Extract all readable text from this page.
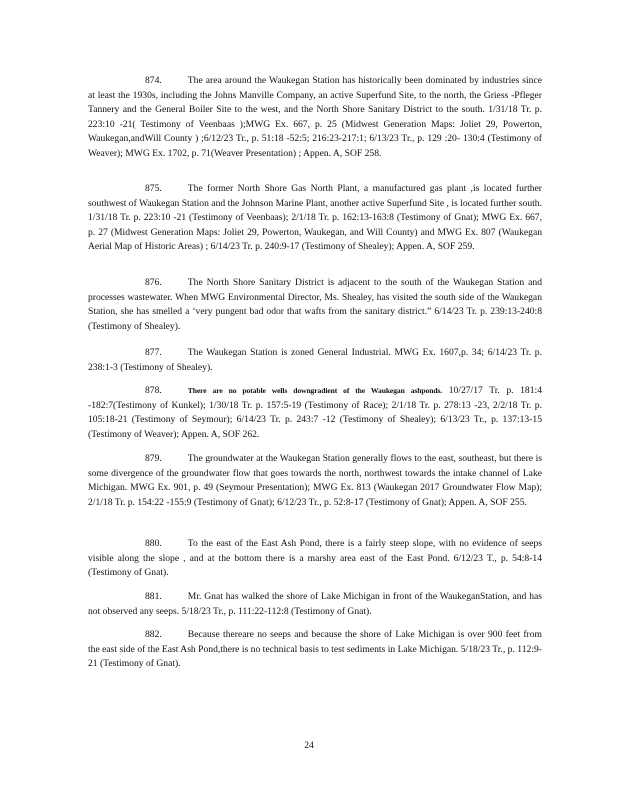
874.	The area around the Waukegan Station has historically been dominated by industries since at least the 1930s, including the Johns Manville Company, an active Superfund Site, to the north, the Griess -Pfleger Tannery and the General Boiler Site to the west, and the North Shore Sanitary District to the south. 1/31/18 Tr. p. 223:10 -21( Testimony of Veenbaas );MWG Ex. 667, p. 25 (Midwest Generation Maps: Joliet 29, Powerton, Waukegan,andWill County ) ;6/12/23 Tr., p. 51:18 -52:5; 216:23-217:1; 6/13/23 Tr., p. 129 :20- 130:4 (Testimony of Weaver); MWG Ex. 1702, p. 71(Weaver Presentation) ; Appen. A, SOF 258.

875.	The former North Shore Gas North Plant, a manufactured gas plant ,is located further southwest of Waukegan Station and the Johnson Marine Plant, another active Superfund Site , is located further south. 1/31/18 Tr. p. 223:10 -21 (Testimony of Veenbaas); 2/1/18 Tr. p. 162:13-163:8 (Testimony of Gnat); MWG Ex. 667, p. 27 (Midwest Generation Maps: Joliet 29, Powerton, Waukegan, and Will County) and MWG Ex. 807 (Waukegan Aerial Map of Historic Areas) ; 6/14/23 Tr. p. 240:9-17 (Testimony of Shealey); Appen. A, SOF 259.

876.	The North Shore Sanitary District is adjacent to the south of the Waukegan Station and processes wastewater. When MWG Environmental Director, Ms. Shealey, has visited the south side of the Waukegan Station, she has smelled a ‘very pungent bad odor that wafts from the sanitary district.” 6/14/23 Tr. p. 239:13-240:8 (Testimony of Shealey).

877.	The Waukegan Station is zoned General Industrial. MWG Ex. 1607,p. 34; 6/14/23 Tr. p. 238:1-3 (Testimony of Shealey).

878.	There are no potable wells downgradient of the Waukegan ashponds. 10/27/17 Tr. p. 181:4 -182:7(Testimony of Kunkel); 1/30/18 Tr. p. 157:5-19 (Testimony of Race); 2/1/18 Tr. p. 278:13 -23, 2/2/18 Tr. p. 105:18-21 (Testimony of Seymour); 6/14/23 Tr. p. 243:7 -12 (Testimony of Shealey); 6/13/23 Tr., p. 137:13-15 (Testimony of Weaver); Appen. A, SOF 262.

879.	The groundwater at the Waukegan Station generally flows to the east, southeast, but there is some divergence of the groundwater flow that goes towards the north, northwest towards the intake channel of Lake Michigan. MWG Ex. 901, p. 49 (Seymour Presentation); MWG Ex. 813 (Waukegan 2017 Groundwater Flow Map); 2/1/18 Tr. p. 154:22 -155:9 (Testimony of Gnat); 6/12/23 Tr., p. 52:8-17 (Testimony of Gnat); Appen. A, SOF 255.

880.	To the east of the East Ash Pond, there is a fairly steep slope, with no evidence of seeps visible along the slope , and at the bottom there is a marshy area east of the East Pond. 6/12/23 T., p. 54:8-14 (Testimony of Gnat).

881.	Mr. Gnat has walked the shore of Lake Michigan in front of the WaukeganStation, and has not observed any seeps. 5/18/23 Tr., p. 111:22-112:8 (Testimony of Gnat).

882.	Because thereare no seeps and because the shore of Lake Michigan is over 900 feet from the east side of the East Ash Pond,there is no technical basis to test sediments in Lake Michigan. 5/18/23 Tr., p. 112:9-21 (Testimony of Gnat).

24
